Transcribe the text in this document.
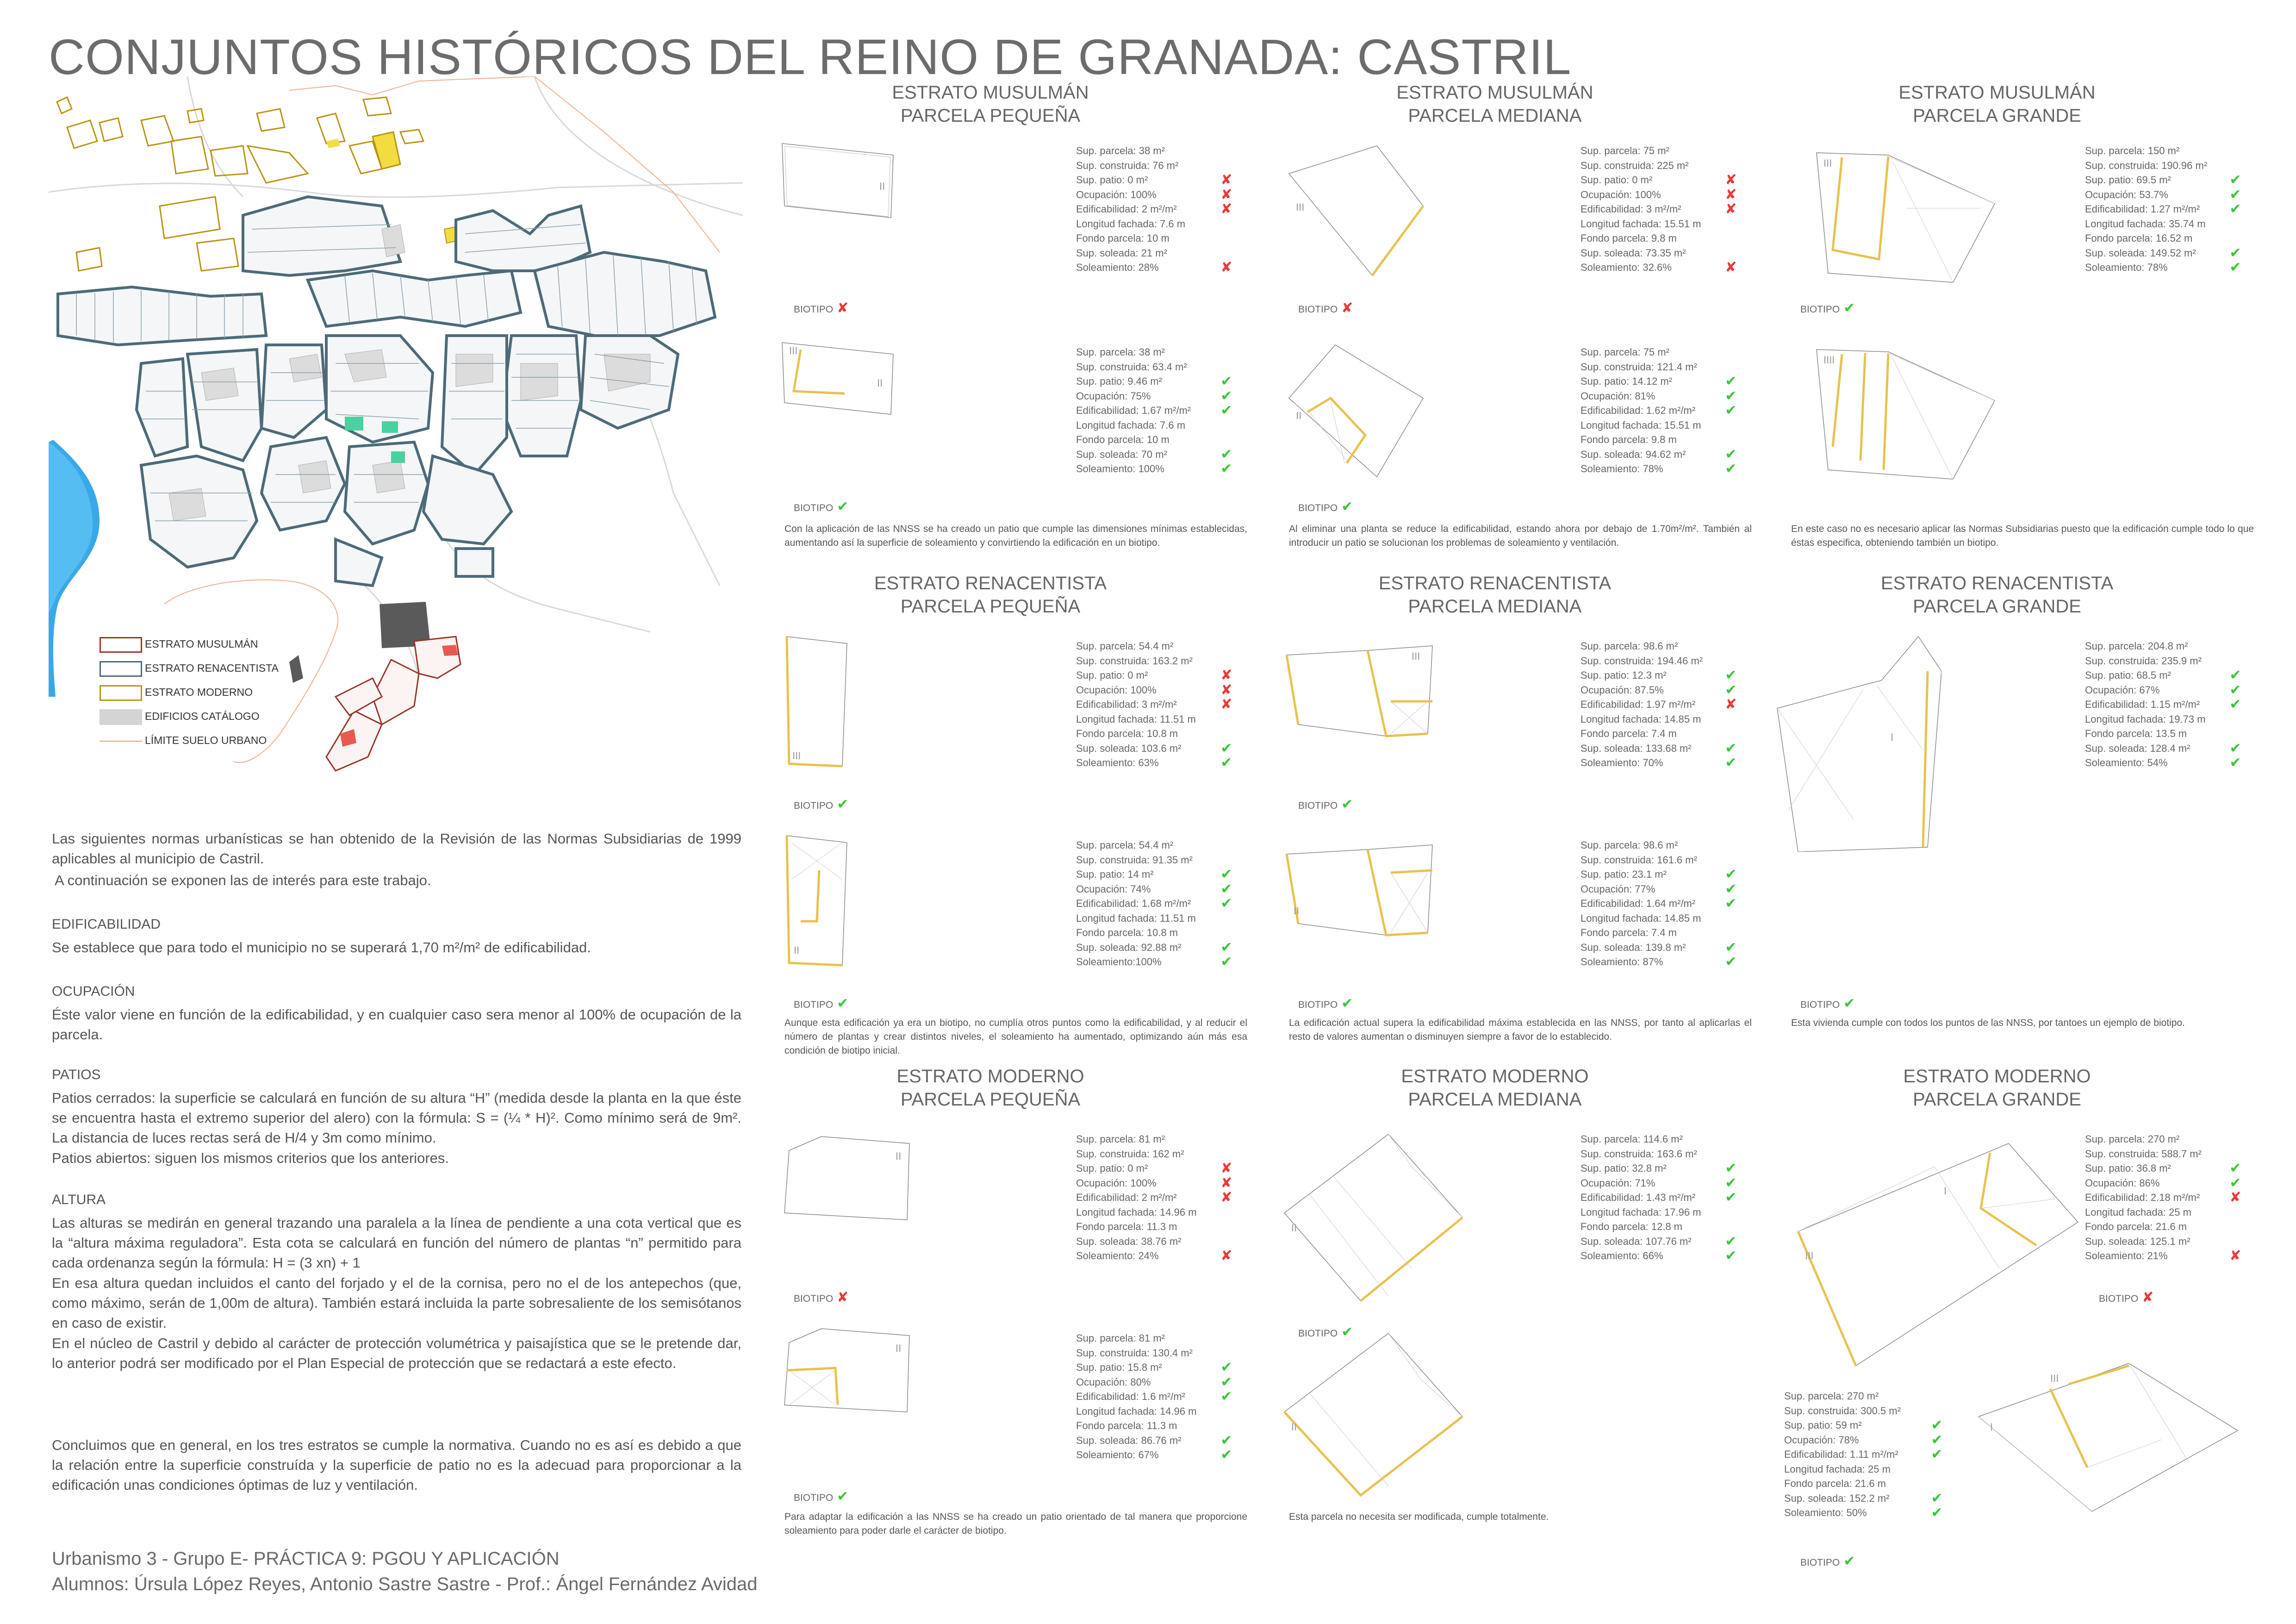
CONJUNTOS HISTÓRICOS DEL REINO DE GRANADA: CASTRIL
ESTRATO MUSULMÁN
ESTRATO RENACENTISTA
ESTRATO MODERNO
EDIFICIOS CATÁLOGO
LÍMITE SUELO URBANO
Las siguientes normas urbanísticas se han obtenido de la Revisión de las Normas Subsidiarias de 1999 aplicables al municipio de Castril.
A continuación se exponen las de interés para este trabajo.
EDIFICABILIDAD
Se establece que para todo el municipio no se superará 1,70 m²/m² de edificabilidad.
OCUPACIÓN
Éste valor viene en función de la edificabilidad, y en cualquier caso sera menor al 100% de ocupación de la parcela.
PATIOS
Patios cerrados: la superficie se calculará en función de su altura “H” (medida desde la planta en la que éste se encuentra hasta el extremo superior del alero) con la fórmula: S = (¼ * H)². Como mínimo será de 9m². La distancia de luces rectas será de H/4 y 3m como mínimo.
Patios abiertos: siguen los mismos criterios que los anteriores.
ALTURA
Las alturas se medirán en general trazando una paralela a la línea de pendiente a una cota vertical que es la “altura máxima reguladora”. Esta cota se calculará en función del número de plantas “n” permitido para cada ordenanza según la fórmula: H = (3 xn) + 1
En esa altura quedan incluidos el canto del forjado y el de la cornisa, pero no el de los antepechos (que, como máximo, serán de 1,00m de altura). También estará incluida la parte sobresaliente de los semisótanos en caso de existir.
En el núcleo de Castril y debido al carácter de protección volumétrica y paisajística que se le pretende dar, lo anterior podrá ser modificado por el Plan Especial de protección que se redactará a este efecto.
Concluimos que en general, en los tres estratos se cumple la normativa. Cuando no es así es debido a que la relación entre la superficie construída y la superficie de patio no es la adecuad para proporcionar a la edificación unas condiciones óptimas de luz y ventilación.
Urbanismo 3 - Grupo E- PRÁCTICA 9: PGOU Y APLICACIÓN
Alumnos: Úrsula López Reyes, Antonio Sastre Sastre - Prof.: Ángel Fernández Avidad
ESTRATO MUSULMÁN
PARCELA PEQUEÑA
ESTRATO MUSULMÁN
PARCELA MEDIANA
ESTRATO MUSULMÁN
PARCELA GRANDE
ESTRATO RENACENTISTA
PARCELA PEQUEÑA
ESTRATO RENACENTISTA
PARCELA MEDIANA
ESTRATO RENACENTISTA
PARCELA GRANDE
ESTRATO MODERNO
PARCELA PEQUEÑA
ESTRATO MODERNO
PARCELA MEDIANA
ESTRATO MODERNO
PARCELA GRANDE
Sup. parcela: 38 m²
Sup. construida: 76 m²
Sup. patio: 0 m²
Ocupación: 100%
Edificabilidad: 2 m²/m²
Longitud fachada: 7.6 m
Fondo parcela: 10 m
Sup. soleada: 21 m²
Soleamiento: 28%
✘
✘
✘
✘
BIOTIPO ✘
Sup. parcela: 38 m²
Sup. construida: 63.4 m²
Sup. patio: 9.46 m²
Ocupación: 75%
Edificabilidad: 1.67 m²/m²
Longitud fachada: 7.6 m
Fondo parcela: 10 m
Sup. soleada: 70 m²
Soleamiento: 100%
✔
✔
✔
✔
✔
BIOTIPO ✔
Sup. parcela: 75 m²
Sup. construida: 225 m²
Sup. patio: 0 m²
Ocupación: 100%
Edificabilidad: 3 m²/m²
Longitud fachada: 15.51 m
Fondo parcela: 9.8 m
Sup. soleada: 73.35 m²
Soleamiento: 32.6%
✘
✘
✘
✘
BIOTIPO ✘
Sup. parcela: 75 m²
Sup. construida: 121.4 m²
Sup. patio: 14.12 m²
Ocupación: 81%
Edificabilidad: 1.62 m²/m²
Longitud fachada: 15.51 m
Fondo parcela: 9.8 m
Sup. soleada: 94.62 m²
Soleamiento: 78%
✔
✔
✔
✔
✔
BIOTIPO ✔
Sup. parcela: 150 m²
Sup. construida: 190.96 m²
Sup. patio: 69.5 m²
Ocupación: 53.7%
Edificabilidad: 1.27 m²/m²
Longitud fachada: 35.74 m
Fondo parcela: 16.52 m
Sup. soleada: 149.52 m²
Soleamiento: 78%
✔
✔
✔
✔
✔
BIOTIPO ✔
Sup. parcela: 54.4 m²
Sup. construida: 163.2 m²
Sup. patio: 0 m²
Ocupación: 100%
Edificabilidad: 3 m²/m²
Longitud fachada: 11.51 m
Fondo parcela: 10.8 m
Sup. soleada: 103.6 m²
Soleamiento: 63%
✘
✘
✘
✔
✔
BIOTIPO ✔
Sup. parcela: 54.4 m²
Sup. construida: 91.35 m²
Sup. patio: 14 m²
Ocupación: 74%
Edificabilidad: 1.68 m²/m²
Longitud fachada: 11.51 m
Fondo parcela: 10.8 m
Sup. soleada: 92.88 m²
Soleamiento:100%
✔
✔
✔
✔
✔
BIOTIPO ✔
Sup. parcela: 98.6 m²
Sup. construida: 194.46 m²
Sup. patio: 12.3 m²
Ocupación: 87.5%
Edificabilidad: 1.97 m²/m²
Longitud fachada: 14.85 m
Fondo parcela: 7.4 m
Sup. soleada: 133.68 m²
Soleamiento: 70%
✔
✔
✘
✔
✔
BIOTIPO ✔
Sup. parcela: 98.6 m²
Sup. construida: 161.6 m²
Sup. patio: 23.1 m²
Ocupación: 77%
Edificabilidad: 1.64 m²/m²
Longitud fachada: 14.85 m
Fondo parcela: 7.4 m
Sup. soleada: 139.8 m²
Soleamiento: 87%
✔
✔
✔
✔
✔
BIOTIPO ✔
Sup. parcela: 204.8 m²
Sup. construida: 235.9 m²
Sup. patio: 68.5 m²
Ocupación: 67%
Edificabilidad: 1.15 m²/m²
Longitud fachada: 19.73 m
Fondo parcela: 13.5 m
Sup. soleada: 128.4 m²
Soleamiento: 54%
✔
✔
✔
✔
✔
BIOTIPO ✔
Sup. parcela: 81 m²
Sup. construida: 162 m²
Sup. patio: 0 m²
Ocupación: 100%
Edificabilidad: 2 m²/m²
Longitud fachada: 14.96 m
Fondo parcela: 11.3 m
Sup. soleada: 38.76 m²
Soleamiento: 24%
✘
✘
✘
✘
BIOTIPO ✘
Sup. parcela: 81 m²
Sup. construida: 130.4 m²
Sup. patio: 15.8 m²
Ocupación: 80%
Edificabilidad: 1.6 m²/m²
Longitud fachada: 14.96 m
Fondo parcela: 11.3 m
Sup. soleada: 86.76 m²
Soleamiento: 67%
✔
✔
✔
✔
✔
BIOTIPO ✔
Sup. parcela: 114.6 m²
Sup. construida: 163.6 m²
Sup. patio: 32.8 m²
Ocupación: 71%
Edificabilidad: 1.43 m²/m²
Longitud fachada: 17.96 m
Fondo parcela: 12.8 m
Sup. soleada: 107.76 m²
Soleamiento: 66%
✔
✔
✔
✔
✔
BIOTIPO ✔
Sup. parcela: 270 m²
Sup. construida: 588.7 m²
Sup. patio: 36.8 m²
Ocupación: 86%
Edificabilidad: 2.18 m²/m²
Longitud fachada: 25 m
Fondo parcela: 21.6 m
Sup. soleada: 125.1 m²
Soleamiento: 21%
✔
✔
✘
✘
BIOTIPO ✘
Sup. parcela: 270 m²
Sup. construida: 300.5 m²
Sup. patio: 59 m²
Ocupación: 78%
Edificabilidad: 1.11 m²/m²
Longitud fachada: 25 m
Fondo parcela: 21.6 m
Sup. soleada: 152.2 m²
Soleamiento: 50%
✔
✔
✔
✔
✔
BIOTIPO ✔
Con la aplicación de las NNSS se ha creado un patio que cumple las dimensiones mínimas establecidas, aumentando así la superficie de soleamiento y convirtiendo la edificación en un biotipo.
Al eliminar una planta se reduce la edificabilidad, estando ahora por debajo de 1.70m²/m². También al introducir un patio se solucionan los problemas de soleamiento y ventilación.
En este caso no es necesario aplicar las Normas Subsidiarias puesto que la edificación cumple todo lo que éstas especifica, obteniendo también un biotipo.
Aunque esta edificación ya era un biotipo, no cumplía otros puntos como la edificabilidad, y al reducir el número de plantas y crear distintos niveles, el soleamiento ha aumentado, optimizando aún más esa condición de biotipo inicial.
La edificación actual supera la edificabilidad máxima establecida en las NNSS, por tanto al aplicarlas el resto de valores aumentan o disminuyen siempre a favor de lo establecido.
Esta vivienda cumple con todos los puntos de las NNSS, por tantoes un ejemplo de biotipo.
Para adaptar la edificación a las NNSS se ha creado un patio orientado de tal manera que proporcione soleamiento para poder darle el carácter de biotipo.
Esta parcela no necesita ser modificada, cumple totalmente.
II
III
II
III
II
III
IIII
III
II
III
II
I
II
II
II
II
III
I
III
I
